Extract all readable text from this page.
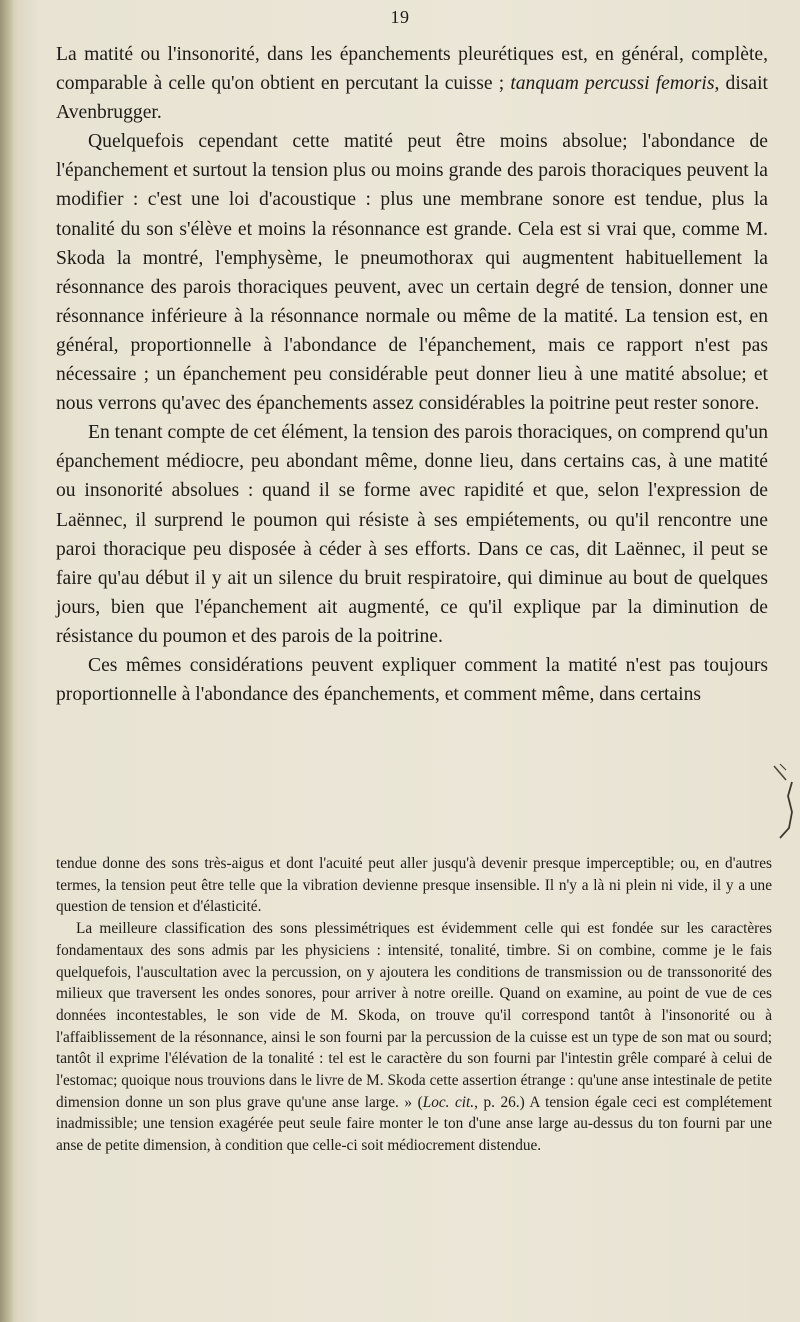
19

La matité ou l'insonorité, dans les épanchements pleurétiques est, en général, complète, comparable à celle qu'on obtient en percutant la cuisse ; tanquam percussi femoris, disait Avenbrugger.

Quelquefois cependant cette matité peut être moins absolue; l'abondance de l'épanchement et surtout la tension plus ou moins grande des parois thoraciques peuvent la modifier : c'est une loi d'acoustique : plus une membrane sonore est tendue, plus la tonalité du son s'élève et moins la résonnance est grande. Cela est si vrai que, comme M. Skoda la montré, l'emphysème, le pneumothorax qui augmentent habituellement la résonnance des parois thoraciques peuvent, avec un certain degré de tension, donner une résonnance inférieure à la résonnance normale ou même de la matité. La tension est, en général, proportionnelle à l'abondance de l'épanchement, mais ce rapport n'est pas nécessaire ; un épanchement peu considérable peut donner lieu à une matité absolue; et nous verrons qu'avec des épanchements assez considérables la poitrine peut rester sonore.

En tenant compte de cet élément, la tension des parois thoraciques, on comprend qu'un épanchement médiocre, peu abondant même, donne lieu, dans certains cas, à une matité ou insonorité absolues : quand il se forme avec rapidité et que, selon l'expression de Laënnec, il surprend le poumon qui résiste à ses empiétements, ou qu'il rencontre une paroi thoracique peu disposée à céder à ses efforts. Dans ce cas, dit Laënnec, il peut se faire qu'au début il y ait un silence du bruit respiratoire, qui diminue au bout de quelques jours, bien que l'épanchement ait augmenté, ce qu'il explique par la diminution de résistance du poumon et des parois de la poitrine.

Ces mêmes considérations peuvent expliquer comment la matité n'est pas toujours proportionnelle à l'abondance des épanchements, et comment même, dans certains

tendue donne des sons très-aigus et dont l'acuité peut aller jusqu'à devenir presque imperceptible; ou, en d'autres termes, la tension peut être telle que la vibration devienne presque insensible. Il n'y a là ni plein ni vide, il y a une question de tension et d'élasticité.

La meilleure classification des sons plessimétriques est évidemment celle qui est fondée sur les caractères fondamentaux des sons admis par les physiciens : intensité, tonalité, timbre. Si on combine, comme je le fais quelquefois, l'auscultation avec la percussion, on y ajoutera les conditions de transmission ou de transsonorité des milieux que traversent les ondes sonores, pour arriver à notre oreille. Quand on examine, au point de vue de ces données incontestables, le son vide de M. Skoda, on trouve qu'il correspond tantôt à l'insonorité ou à l'affaiblissement de la résonnance, ainsi le son fourni par la percussion de la cuisse est un type de son mat ou sourd; tantôt il exprime l'élévation de la tonalité : tel est le caractère du son fourni par l'intestin grêle comparé à celui de l'estomac; quoique nous trouvions dans le livre de M. Skoda cette assertion étrange : qu'une anse intestinale de petite dimension donne un son plus grave qu'une anse large. » (Loc. cit., p. 26.) A tension égale ceci est complétement inadmissible; une tension exagérée peut seule faire monter le ton d'une anse large au-dessus du ton fourni par une anse de petite dimension, à condition que celle-ci soit médiocrement distendue.
